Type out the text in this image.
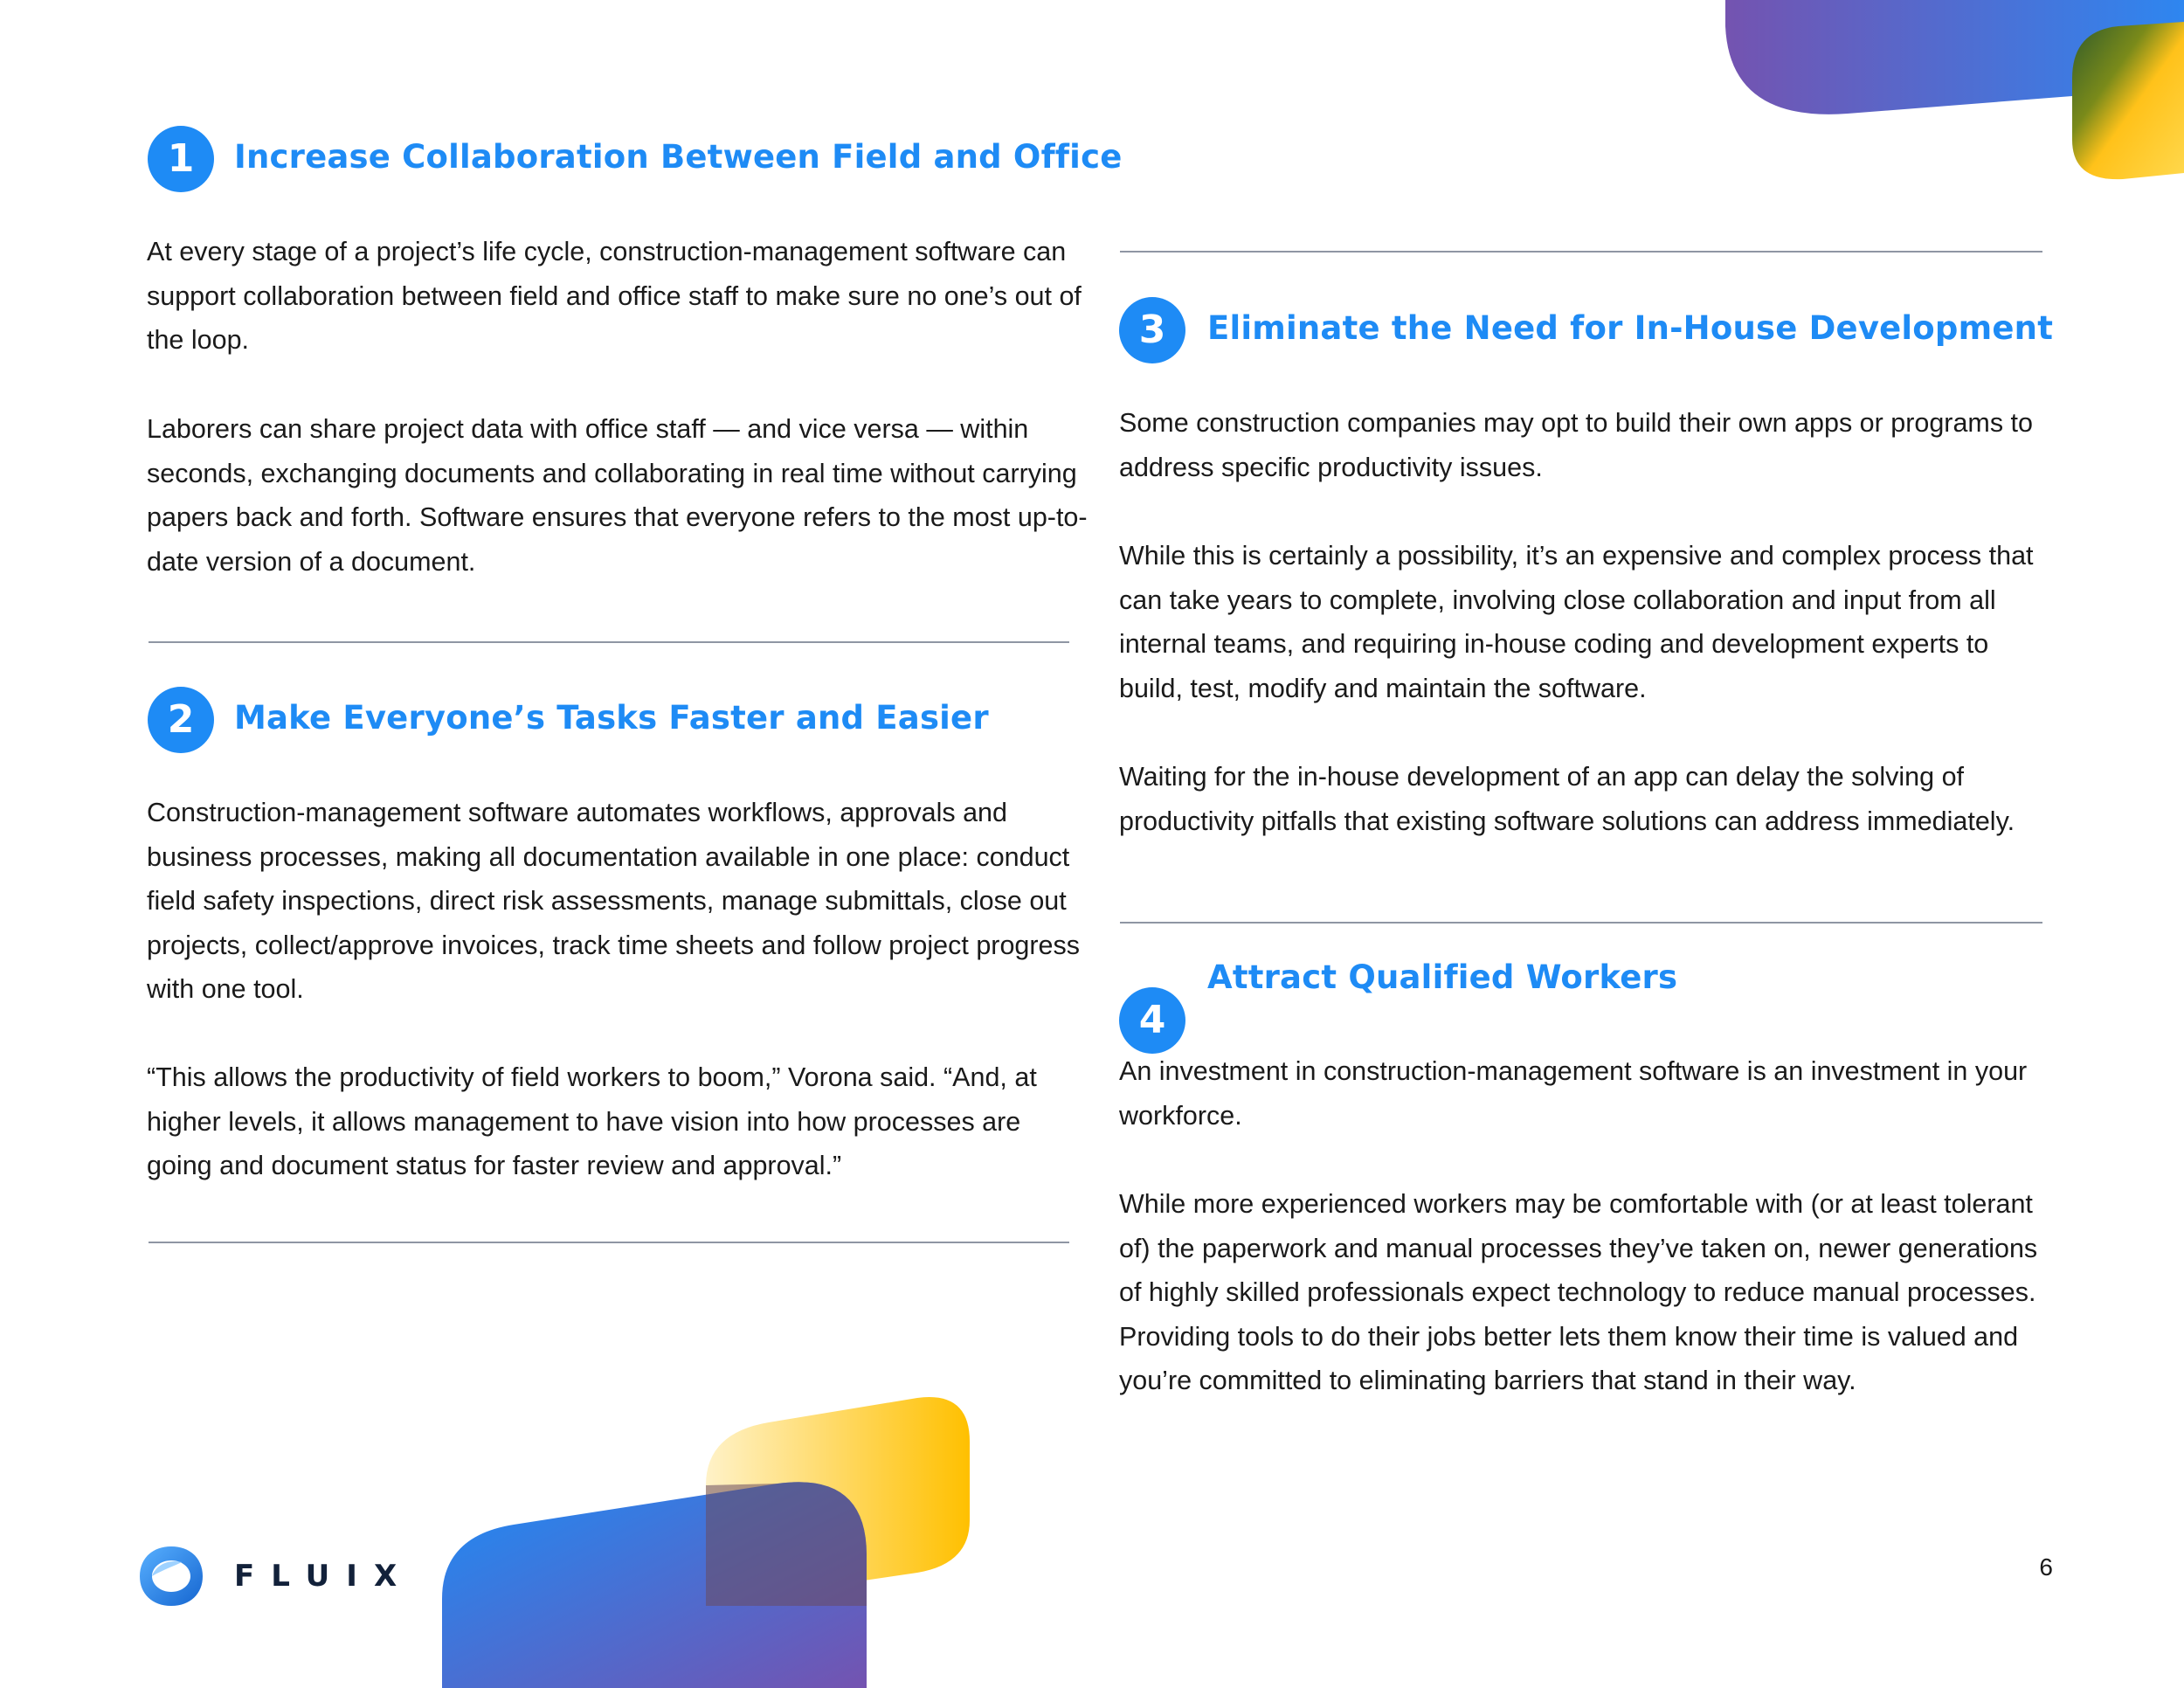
1	Increase Collaboration Between Field and Office

At every stage of a project’s life cycle, construction-management software can support collaboration between field and office staff to make sure no one’s out of the loop.

Laborers can share project data with office staff — and vice versa — within seconds, exchanging documents and collaborating in real time without carrying papers back and forth. Software ensures that everyone refers to the most up-to-date version of a document.

2	Make Everyone’s Tasks Faster and Easier

Construction-management software automates workflows, approvals and business processes, making all documentation available in one place: conduct field safety inspections, direct risk assessments, manage submittals, close out projects, collect/approve invoices, track time sheets and follow project progress with one tool.

“This allows the productivity of field workers to boom,” Vorona said. “And, at higher levels, it allows management to have vision into how processes are going and document status for faster review and approval.”

3	Eliminate the Need for In-House Development

Some construction companies may opt to build their own apps or programs to address specific productivity issues.

While this is certainly a possibility, it’s an expensive and complex process that can take years to complete, involving close collaboration and input from all internal teams, and requiring in-house coding and development experts to build, test, modify and maintain the software.

Waiting for the in-house development of an app can delay the solving of productivity pitfalls that existing software solutions can address immediately.

Attract Qualified Workers
4

An investment in construction-management software is an investment in your workforce.

While more experienced workers may be comfortable with (or at least tolerant of) the paperwork and manual processes they’ve taken on, newer generations of highly skilled professionals expect technology to reduce manual processes. Providing tools to do their jobs better lets them know their time is valued and you’re committed to eliminating barriers that stand in their way.

FLUIX	6
